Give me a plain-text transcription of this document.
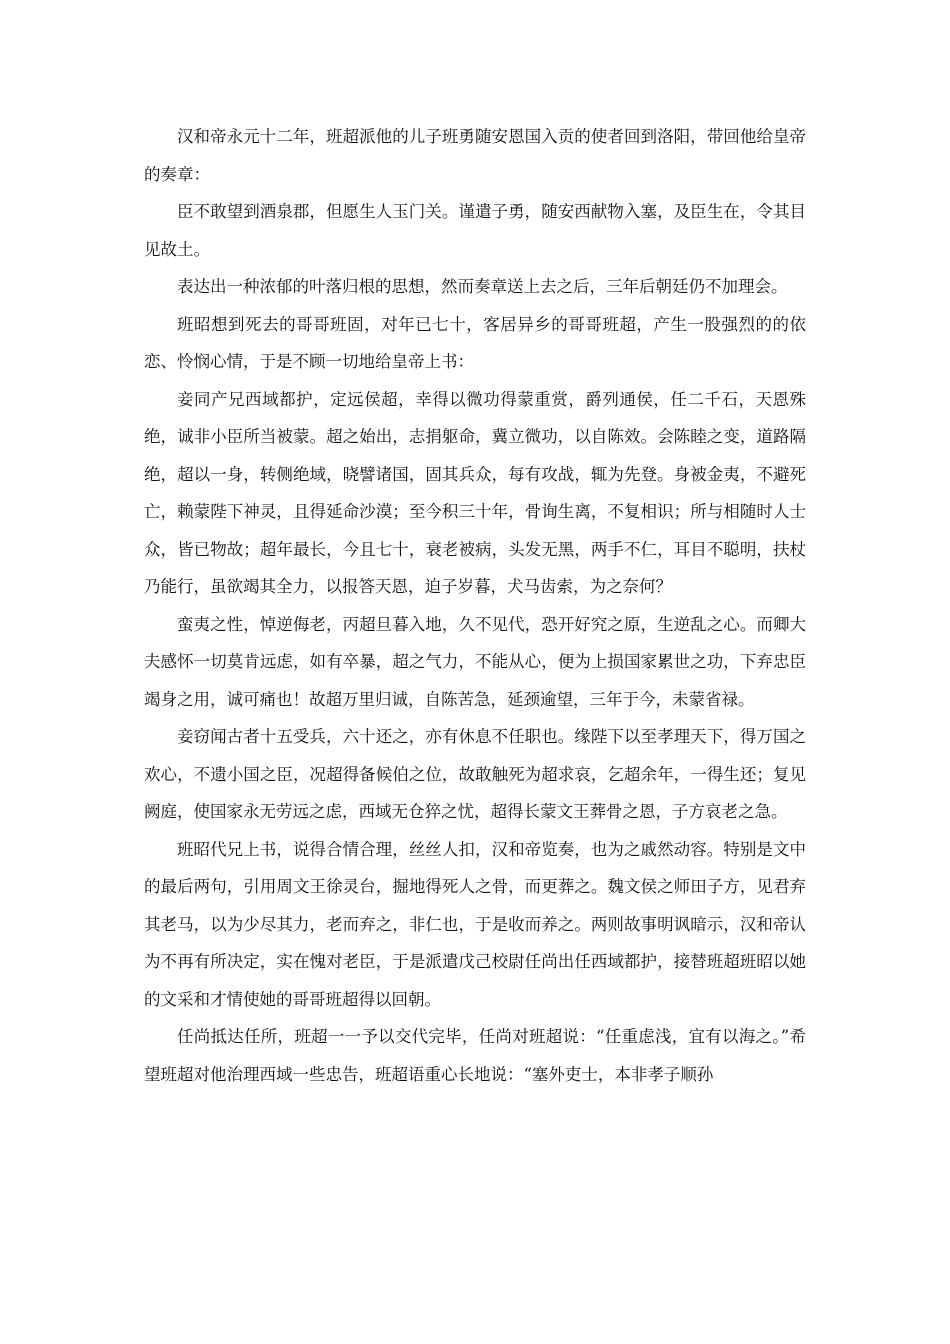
汉和帝永元十二年，班超派他的儿子班勇随安恩国入贡的使者回到洛阳，带回他给皇帝的奏章：

臣不敢望到酒泉郡，但愿生人玉门关。谨遣子勇，随安西献物入塞，及臣生在，令其目见故土。

表达出一种浓郁的叶落归根的思想，然而奏章送上去之后，三年后朝廷仍不加理会。

班昭想到死去的哥哥班固，对年已七十，客居异乡的哥哥班超，产生一股强烈的的依恋、怜悯心情，于是不顾一切地给皇帝上书：

妾同产兄西域都护，定远侯超，幸得以微功得蒙重赏，爵列通侯，任二千石，天恩殊绝，诚非小臣所当被蒙。超之始出，志捐躯命，冀立微功，以自陈效。会陈睦之变，道路隔绝，超以一身，转侧绝域，晓譬诸国，固其兵众，每有攻战，辄为先登。身被金夷，不避死亡，赖蒙陛下神灵，且得延命沙漠；至今积三十年，骨询生离，不复相识；所与相随时人士众，皆已物故；超年最长，今且七十，衰老被病，头发无黑，两手不仁，耳目不聪明，扶杖乃能行，虽欲竭其全力，以报答天恩，迫子岁暮，犬马齿索，为之奈何？

蛮夷之性，悼逆侮老，丙超旦暮入地，久不见代，恐开好究之原，生逆乱之心。而卿大夫感怀一切莫肯远虑，如有卒暴，超之气力，不能从心，便为上损国家累世之功，下弃忠臣竭身之用，诚可痛也！故超万里归诚，自陈苦急，延颈逾望，三年于今，未蒙省禄。

妾窃闻古者十五受兵，六十还之，亦有休息不任职也。缘陛下以至孝理天下，得万国之欢心，不遗小国之臣，况超得备候伯之位，故敢触死为超求哀，乞超余年，一得生还；复见阙庭，使国家永无劳远之虑，西域无仓猝之忧，超得长蒙文王葬骨之恩，子方哀老之急。

班昭代兄上书，说得合情合理，丝丝人扣，汉和帝览奏，也为之戚然动容。特别是文中的最后两句，引用周文王徐灵台，掘地得死人之骨，而更葬之。魏文侯之师田子方，见君弃其老马，以为少尽其力，老而弃之，非仁也，于是收而养之。两则故事明讽暗示，汉和帝认为不再有所决定，实在愧对老臣，于是派遣戊己校尉任尚出任西域都护，接替班超班昭以她的文采和才情使她的哥哥班超得以回朝。

任尚抵达任所，班超一一予以交代完毕，任尚对班超说：“任重虑浅，宜有以海之。”希望班超对他治理西域一些忠告，班超语重心长地说：“塞外吏士，本非孝子顺孙
